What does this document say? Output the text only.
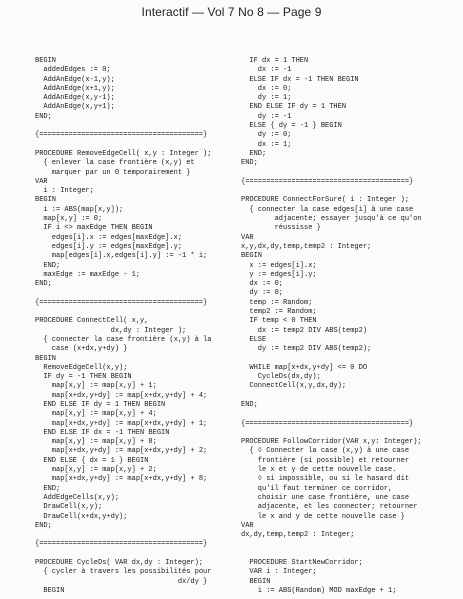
Interactif — Vol 7 No 8 — Page 9
BEGIN
addedEdges := 0;
AddAnEdge(x-1,y);
AddAnEdge(x+1,y);
AddAnEdge(x,y-1);
AddAnEdge(x,y+1);
END;
{=======================================}
PROCEDURE RemoveEdgeCell( x,y : Integer );
{ enlever la case frontière (x,y) et
marquer par un 0 temporairement }
VAR
i : Integer;
BEGIN
i := ABS(map[x,y]);
map[x,y] := 0;
IF i <> maxEdge THEN BEGIN
edges[i].x := edges[maxEdge].x;
edges[i].y := edges[maxEdge].y;
map[edges[i].x,edges[i].y] := -1 * i;
END;
maxEdge := maxEdge - 1;
END;
{=======================================}
PROCEDURE ConnectCell( x,y,
dx,dy : Integer );
{ connecter la case frontière (x,y) à la
case (x+dx,y+dy) }
BEGIN
RemoveEdgeCell(x,y);
IF dy = -1 THEN BEGIN
map[x,y] := map[x,y] + 1;
map[x+dx,y+dy] := map[x+dx,y+dy] + 4;
END ELSE IF dy = 1 THEN BEGIN
map[x,y] := map[x,y] + 4;
map[x+dx,y+dy] := map[x+dx,y+dy] + 1;
END ELSE IF dx = -1 THEN BEGIN
map[x,y] := map[x,y] + 8;
map[x+dx,y+dy] := map[x+dx,y+dy] + 2;
END ELSE { dx = 1 } BEGIN
map[x,y] := map[x,y] + 2;
map[x+dx,y+dy] := map[x+dx,y+dy] + 8;
END;
AddEdgeCells(x,y);
DrawCell(x,y);
DrawCell(x+dx,y+dy);
END;
{=======================================}
PROCEDURE CycleDs( VAR dx,dy : Integer);
{ cycler à travers les possibilités pour
dx/dy }
BEGIN
IF dx = 1 THEN
dx := -1
ELSE IF dx = -1 THEN BEGIN
dx := 0;
dy := 1;
END ELSE IF dy = 1 THEN
dy := -1
ELSE { dy = -1 } BEGIN
dy := 0;
dx := 1;
END;
END;
{=======================================}
PROCEDURE ConnectForSure( i : Integer );
{ connecter la case edges[i] à une case
adjacente; essayer jusqu'à ce qu'on
réussisse }
VAR
x,y,dx,dy,temp,temp2 : Integer;
BEGIN
x := edges[i].x;
y := edges[i].y;
dx := 0;
dy := 0;
temp := Random;
temp2 := Random;
IF temp < 0 THEN
dx := temp2 DIV ABS(temp2)
ELSE
dy := temp2 DIV ABS(temp2);
WHILE map[x+dx,y+dy] <= 0 DO
CycleDs(dx,dy);
ConnectCell(x,y,dx,dy);
END;
{=======================================}
PROCEDURE FollowCorridor(VAR x,y: Integer);
{ ◊ Connecter la case (x,y) à une case
frontière (si possible) et retourner
le x et y de cette nouvelle case.
◊ si impossible, ou si le hasard dit
qu'il faut terminer ce corridor,
choisir une case frontière, une case
adjacente, et les connecter; retourner
le x and y de cette nouvelle case }
VAR
dx,dy,temp,temp2 : Integer;
PROCEDURE StartNewCorridor;
VAR i : Integer;
BEGIN
i := ABS(Random) MOD maxEdge + 1;
